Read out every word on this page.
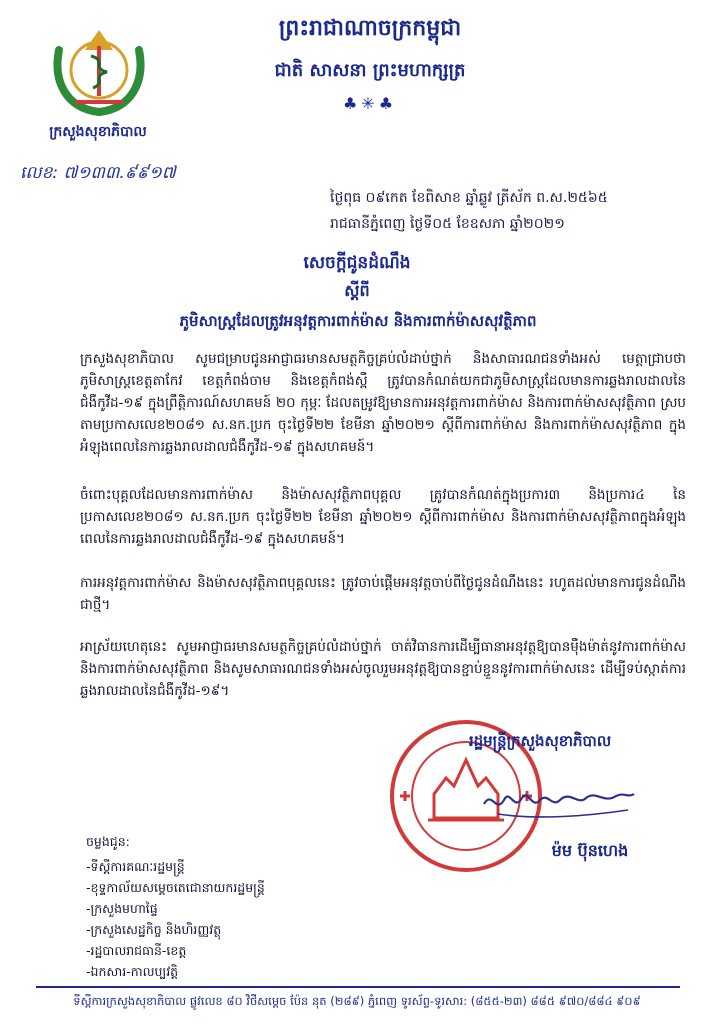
ព្រះរាជាណាចក្រកម្ពុជា
ជាតិ សាសនា ព្រះមហាក្សត្រ
♣✳♣
ក្រសួងសុខាភិបាល
លេខ: ៧១៣៣.៩៩១៧
ថ្ងៃពុធ ០៩កេត ខែពិសាខ ឆ្នាំឆ្លូវ ត្រីស័ក ព.ស.២៥៦៥
រាជធានីភ្នំពេញ ថ្ងៃទី០៥ ខែឧសភា ឆ្នាំ២០២១
សេចក្តីជូនដំណឹង
ស្តីពី
ភូមិសាស្ត្រដែលត្រូវអនុវត្តការពាក់ម៉ាស និងការពាក់ម៉ាសសុវត្ថិភាព
ក្រសួងសុខាភិបាល សូមជម្រាបជូនអាជ្ញាធរមានសមត្ថកិច្ចគ្រប់លំដាប់ថ្នាក់ និងសាធារណជនទាំងអស់ មេត្តាជ្រាបថា ភូមិសាស្ត្រខេត្តតាកែវ ខេត្តកំពង់ចាម និងខេត្តកំពង់ស្ពឺ ត្រូវបានកំណត់យកជាភូមិសាស្ត្រដែលមានការឆ្លងរាលដាលនៃជំងឺកូវីដ-១៩ ក្នុងព្រឹត្តិការណ៍សហគមន៍ ២០ កុម្ភៈ ដែលតម្រូវឱ្យមានការអនុវត្តការពាក់ម៉ាស និងការពាក់ម៉ាសសុវត្ថិភាព ស្របតាមប្រកាសលេខ២០៨១ ស.នក.ប្រក ចុះថ្ងៃទី២២ ខែមីនា ឆ្នាំ២០២១ ស្តីពីការពាក់ម៉ាស និងការពាក់ម៉ាសសុវត្ថិភាព ក្នុងអំឡុងពេលនៃការឆ្លងរាលដាលជំងឺកូវីដ-១៩ ក្នុងសហគមន៍។
ចំពោះបុគ្គលដែលមានការពាក់ម៉ាស និងម៉ាសសុវត្ថិភាពបុគ្គល ត្រូវបានកំណត់ក្នុងប្រការ៣ និងប្រការ៤ នៃប្រកាសលេខ២០៨១ ស.នក.ប្រក ចុះថ្ងៃទី២២ ខែមីនា ឆ្នាំ២០២១ ស្តីពីការពាក់ម៉ាស និងការពាក់ម៉ាសសុវត្ថិភាពក្នុងអំឡុងពេលនៃការឆ្លងរាលដាលជំងឺកូវីដ-១៩ ក្នុងសហគមន៍។
ការអនុវត្តការពាក់ម៉ាស និងម៉ាសសុវត្ថិភាពបុគ្គលនេះ ត្រូវចាប់ផ្តើមអនុវត្តចាប់ពីថ្ងៃជូនដំណឹងនេះ រហូតដល់មានការជូនដំណឹងជាថ្មី។
អាស្រ័យហេតុនេះ សូមអាជ្ញាធរមានសមត្ថកិច្ចគ្រប់លំដាប់ថ្នាក់ ចាត់វិធានការដើម្បីធានាអនុវត្តឱ្យបានម៉ឺងម៉ាត់នូវការពាក់ម៉ាស និងការពាក់ម៉ាសសុវត្ថិភាព និងសូមសាធារណជនទាំងអស់ចូលរួមអនុវត្តឱ្យបានខ្ជាប់ខ្ជួននូវការពាក់ម៉ាសនេះ ដើម្បីទប់ស្កាត់ការឆ្លងរាលដាលនៃជំងឺកូវីដ-១៩។
រដ្ឋមន្ត្រីក្រសួងសុខាភិបាល
ម៉ម ប៊ុនហេង
ចម្លងជូន:
-ទីស្តីការគណៈរដ្ឋមន្ត្រី
-ខុទ្ទកាល័យសម្តេចតេជោនាយករដ្ឋមន្ត្រី
-ក្រសួងមហាផ្ទៃ
-ក្រសួងសេដ្ឋកិច្ច និងហិរញ្ញវត្ថុ
-រដ្ឋបាលរាជធានី-ខេត្ត
-ឯកសារ-កាលប្បវត្តិ
ទីស្តីការក្រសួងសុខាភិបាល ផ្លូវលេខ ៨០ វិថីសម្តេច ប៉ែន នុត (២៨៩) ភ្នំពេញ ទូរស័ព្ទ-ទូរសារ: (៨៥៥-២៣) ៨៨៥ ៩៧០/៨៨៤ ៩០៩
